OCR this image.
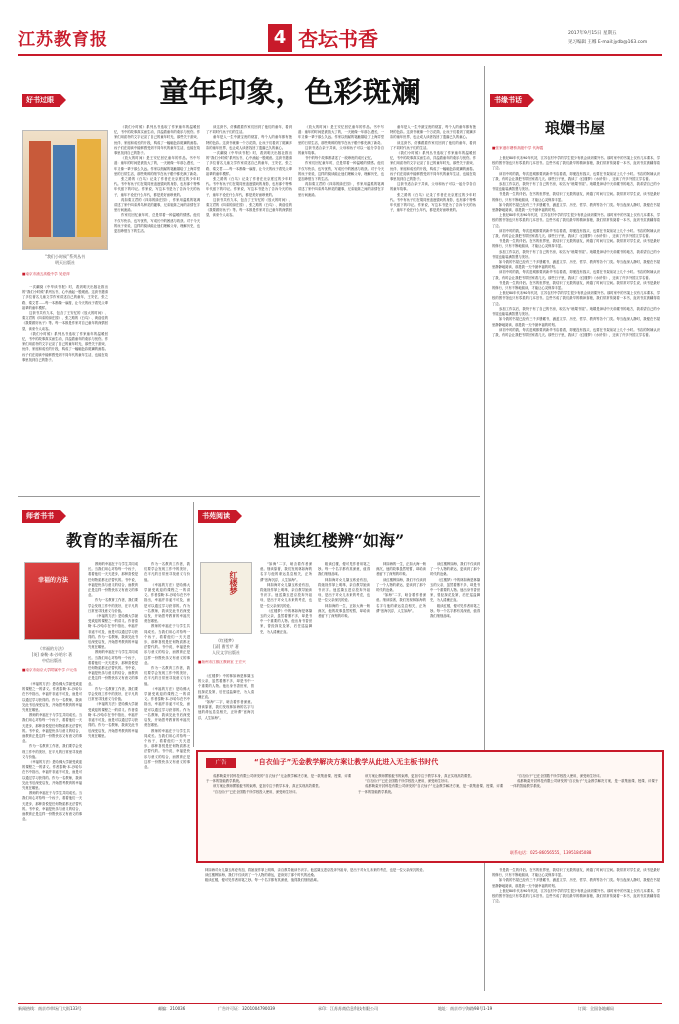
江苏教育报	4 杏坛书香	2017年9月15日 星期五
见习编辑 王娜 E-mail:jydb@163.com
好书过眼	童年印象，色彩斑斓
“我们小时候”系列丛书
明天出版社
■南京市浦五高级中学 吴爱萍

一次翻阅《中华读书报》时，看到明天出版社推出的“我们小时候”系列丛书，心中涌起一股暖意。这套书邀请了多位著名儿童文学作家讲述自己的童年，王安忆、张之路、秦文君……每一本都像一扇窗，让今天的孩子看见父辈祖辈的童年模样。

这套书共有九本，包含了王安忆的《放大的时间》、秦文君的《四弟的绿庄园》、张之路的《白鸟》、黄蓓佳的《我要做好孩子》等。每一本都是作家对自己童年的深情回望，读来令人动容。

《我们小时候》系列丛书选取了作家童年的温暖回忆，书中的故事真实而生动，洋溢着童年的欢乐与忧伤。作家们用质朴的文字记录了自己的童年时光，那些关于游戏、伙伴、家庭和成长的片段，构成了一幅幅色彩斑斓的画卷。孩子们在阅读中能够感受到不同年代的童年生活，也能在故事里找到自己的影子。

《我们小时候》系列丛书选取了作家童年的温暖回忆，书中的故事真实而生动，洋溢着童年的欢乐与忧伤。作家们用质朴的文字记录了自己的童年时光，那些关于游戏、伙伴、家庭和成长的片段，构成了一幅幅色彩斑斓的画卷。孩子们在阅读中能够感受到不同年代的童年生活，也能在故事里找到自己的影子。

《放大的时间》是王安忆回忆童年的作品。书中写道：童年的时间是被放大了的，一天就像一年那么漫长，一年又像一辈子那么久远。作家以细腻的笔触描绘了上海弄堂里的日常生活，那些琐碎的细节在孩子眼中都充满了新奇。

张之路的《白鸟》记录了作者在北京度过的少年时代。书中有孩子们在胡同里追逐嬉戏的身影，也有那个特殊年代留下的印记。作家说，写这本书是为了告诉今天的孩子，童年不论在什么年代，都是美好而珍贵的。

再如秦文君的《四弟的绿庄园》，作家用温柔的笔调讲述了家中四弟养鸟种花的趣事，兄弟姐妹之间的亲情在字里行间流淌。

作家们回忆童年时，总是带着一种温暖的情感。他们不仅写快乐，也写忧伤，写成长中的困惑与收获。对于今天的孩子来说，这样的阅读能让他们理解父母，理解历史，也更加珍惜当下的生活。

读这套书，仿佛跟着作家们回到了他们的童年，看到了不同时代孩子们的生活。

童年是人一生中最宝贵的财富，每个人的童年都有独特的色彩。这套书就像一个万花筒，让孩子们看到了斑斓多彩的童年世界，也让成人读者找回了遗落已久的童心。

一次翻阅《中华读书报》时，看到明天出版社推出的“我们小时候”系列丛书，心中涌起一股暖意。这套书邀请了多位著名儿童文学作家讲述自己的童年，王安忆、张之路、秦文君……每一本都像一扇窗，让今天的孩子看见父辈祖辈的童年模样。

张之路的《白鸟》记录了作者在北京度过的少年时代。书中有孩子们在胡同里追逐嬉戏的身影，也有那个特殊年代留下的印记。作家说，写这本书是为了告诉今天的孩子，童年不论在什么年代，都是美好而珍贵的。

这套书共有九本，包含了王安忆的《放大的时间》、秦文君的《四弟的绿庄园》、张之路的《白鸟》、黄蓓佳的《我要做好孩子》等。每一本都是作家对自己童年的深情回望，读来令人动容。

《放大的时间》是王安忆回忆童年的作品。书中写道：童年的时间是被放大了的，一天就像一年那么漫长，一年又像一辈子那么久远。作家以细腻的笔触描绘了上海弄堂里的日常生活，那些琐碎的细节在孩子眼中都充满了新奇。

这套书适合亲子共读，父母和孩子可以一起分享各自的童年故事。

书中的每个故事都讲述了一段珍贵的成长记忆。

作家们回忆童年时，总是带着一种温暖的情感。他们不仅写快乐，也写忧伤，写成长中的困惑与收获。对于今天的孩子来说，这样的阅读能让他们理解父母，理解历史，也更加珍惜当下的生活。

再如秦文君的《四弟的绿庄园》，作家用温柔的笔调讲述了家中四弟养鸟种花的趣事，兄弟姐妹之间的亲情在字里行间流淌。

童年是人一生中最宝贵的财富，每个人的童年都有独特的色彩。这套书就像一个万花筒，让孩子们看到了斑斓多彩的童年世界，也让成人读者找回了遗落已久的童心。

读这套书，仿佛跟着作家们回到了他们的童年，看到了不同时代孩子们的生活。

《我们小时候》系列丛书选取了作家童年的温暖回忆，书中的故事真实而生动，洋溢着童年的欢乐与忧伤。作家们用质朴的文字记录了自己的童年时光，那些关于游戏、伙伴、家庭和成长的片段，构成了一幅幅色彩斑斓的画卷。孩子们在阅读中能够感受到不同年代的童年生活，也能在故事里找到自己的影子。

这套书适合亲子共读，父母和孩子可以一起分享各自的童年故事。

张之路的《白鸟》记录了作者在北京度过的少年时代。书中有孩子们在胡同里追逐嬉戏的身影，也有那个特殊年代留下的印记。作家说，写这本书是为了告诉今天的孩子，童年不论在什么年代，都是美好而珍贵的。

书缘书话
琅嬛书屋
■张家港市塘桥高级中学 代海霞

上世纪80年代末90年代初，江苏农村中学的学生很少有机会读到课外书。那时家中的书架上仅有几本课本，学校的图书馆也只有零星的几本旧书。这些书成了我们最早的精神食粮，我们常常传阅着一本书，直到书页被翻得卷了边。

读初中时的我，每次进城都要到新华书店看看，即便没有钱买，也要在书架前站上几个小时。书店的阿姨认识了我，有时会让我把书带回家看几天。那些日子里，我读了《红楼梦》《水浒传》，还读了许多外国文学名著。

参加工作以后，我终于有了自己的书房，取名为“琅嬛书屋”。琅嬛是神话中天帝藏书的地方，我希望自己的小书屋也能装满智慧与美好。

书是我一生的伴侣。在书的世界里，我结识了无数的朋友，跨越了时间与空间。我常常对学生说，读书是最好的修行，只有不断地阅读，才能让心灵保持丰盈。

如今我的书屋已经有三千多册藏书，涵盖文学、历史、哲学、教育等各个门类。每当夜深人静时，我便在书屋里静静地阅读，那是我一天中最幸福的时刻。

上世纪80年代末90年代初，江苏农村中学的学生很少有机会读到课外书。那时家中的书架上仅有几本课本，学校的图书馆也只有零星的几本旧书。这些书成了我们最早的精神食粮，我们常常传阅着一本书，直到书页被翻得卷了边。

读初中时的我，每次进城都要到新华书店看看，即便没有钱买，也要在书架前站上几个小时。书店的阿姨认识了我，有时会让我把书带回家看几天。那些日子里，我读了《红楼梦》《水浒传》，还读了许多外国文学名著。

书是我一生的伴侣。在书的世界里，我结识了无数的朋友，跨越了时间与空间。我常常对学生说，读书是最好的修行，只有不断地阅读，才能让心灵保持丰盈。

参加工作以后，我终于有了自己的书房，取名为“琅嬛书屋”。琅嬛是神话中天帝藏书的地方，我希望自己的小书屋也能装满智慧与美好。

如今我的书屋已经有三千多册藏书，涵盖文学、历史、哲学、教育等各个门类。每当夜深人静时，我便在书屋里静静地阅读，那是我一天中最幸福的时刻。

读初中时的我，每次进城都要到新华书店看看，即便没有钱买，也要在书架前站上几个小时。书店的阿姨认识了我，有时会让我把书带回家看几天。那些日子里，我读了《红楼梦》《水浒传》，还读了许多外国文学名著。

书是我一生的伴侣。在书的世界里，我结识了无数的朋友，跨越了时间与空间。我常常对学生说，读书是最好的修行，只有不断地阅读，才能让心灵保持丰盈。

上世纪80年代末90年代初，江苏农村中学的学生很少有机会读到课外书。那时家中的书架上仅有几本课本，学校的图书馆也只有零星的几本旧书。这些书成了我们最早的精神食粮，我们常常传阅着一本书，直到书页被翻得卷了边。

参加工作以后，我终于有了自己的书房，取名为“琅嬛书屋”。琅嬛是神话中天帝藏书的地方，我希望自己的小书屋也能装满智慧与美好。

如今我的书屋已经有三千多册藏书，涵盖文学、历史、哲学、教育等各个门类。每当夜深人静时，我便在书屋里静静地阅读，那是我一天中最幸福的时刻。

读初中时的我，每次进城都要到新华书店看看，即便没有钱买，也要在书架前站上几个小时。书店的阿姨认识了我，有时会让我把书带回家看几天。那些日子里，我读了《红楼梦》《水浒传》，还读了许多外国文学名著。

师者书书
教育的幸福所在
幸福的方法
《幸福的方法》
[英] 泰勒·本-沙哈尔 著
中信出版社
■南京市南京大学附属中学 卢元伟

《幸福的方法》是哈佛大学最受欢迎的课程之一的讲义。作者泰勒·本-沙哈尔在书中指出，幸福并非遥不可及，而是可以通过学习获得的。作为一名教师，我读完此书后深受启发，开始思考教育的幸福究竟在哪里。

教师的幸福在于与学生共同成长。当我们用心对待每一个孩子，看着他们一天天进步，那种喜悦是任何物质都无法替代的。书中说，幸福是快乐与意义的结合，而教育正是这样一份既快乐又有意义的事业。

作为一名教育工作者，我们要学会发现工作中的美好，在平凡的日常里寻找意义与价值。

《幸福的方法》是哈佛大学最受欢迎的课程之一的讲义。作者泰勒·本-沙哈尔在书中指出，幸福并非遥不可及，而是可以通过学习获得的。作为一名教师，我读完此书后深受启发，开始思考教育的幸福究竟在哪里。

教师的幸福在于与学生共同成长。当我们用心对待每一个孩子，看着他们一天天进步，那种喜悦是任何物质都无法替代的。书中说，幸福是快乐与意义的结合，而教育正是这样一份既快乐又有意义的事业。

教师的幸福在于与学生共同成长。当我们用心对待每一个孩子，看着他们一天天进步，那种喜悦是任何物质都无法替代的。书中说，幸福是快乐与意义的结合，而教育正是这样一份既快乐又有意义的事业。

作为一名教育工作者，我们要学会发现工作中的美好，在平凡的日常里寻找意义与价值。

《幸福的方法》是哈佛大学最受欢迎的课程之一的讲义。作者泰勒·本-沙哈尔在书中指出，幸福并非遥不可及，而是可以通过学习获得的。作为一名教师，我读完此书后深受启发，开始思考教育的幸福究竟在哪里。

教师的幸福在于与学生共同成长。当我们用心对待每一个孩子，看着他们一天天进步，那种喜悦是任何物质都无法替代的。书中说，幸福是快乐与意义的结合，而教育正是这样一份既快乐又有意义的事业。

作为一名教育工作者，我们要学会发现工作中的美好，在平凡的日常里寻找意义与价值。

《幸福的方法》是哈佛大学最受欢迎的课程之一的讲义。作者泰勒·本-沙哈尔在书中指出，幸福并非遥不可及，而是可以通过学习获得的。作为一名教师，我读完此书后深受启发，开始思考教育的幸福究竟在哪里。

作为一名教育工作者，我们要学会发现工作中的美好，在平凡的日常里寻找意义与价值。

《幸福的方法》是哈佛大学最受欢迎的课程之一的讲义。作者泰勒·本-沙哈尔在书中指出，幸福并非遥不可及，而是可以通过学习获得的。作为一名教师，我读完此书后深受启发，开始思考教育的幸福究竟在哪里。

教师的幸福在于与学生共同成长。当我们用心对待每一个孩子，看着他们一天天进步，那种喜悦是任何物质都无法替代的。书中说，幸福是快乐与意义的结合，而教育正是这样一份既快乐又有意义的事业。

作为一名教育工作者，我们要学会发现工作中的美好，在平凡的日常里寻找意义与价值。

《幸福的方法》是哈佛大学最受欢迎的课程之一的讲义。作者泰勒·本-沙哈尔在书中指出，幸福并非遥不可及，而是可以通过学习获得的。作为一名教师，我读完此书后深受启发，开始思考教育的幸福究竟在哪里。

教师的幸福在于与学生共同成长。当我们用心对待每一个孩子，看着他们一天天进步，那种喜悦是任何物质都无法替代的。书中说，幸福是快乐与意义的结合，而教育正是这样一份既快乐又有意义的事业。

书苑阅读
粗读红楼辨“如海”
红楼梦
《红楼梦》
[清] 曹雪芹 著
人民文学出版社
■扬州市江都区教研室 王宏兴

《红楼梦》中的林如海是林黛玉的父亲，虽然着墨不多，却是书中一个重要的人物。他出身书香世家，曾经探花及第，后任巡盐御史，为人清廉正直。

“如海”二字，暗含着作者深意。细读原著，我们发现林如海的名字与他的命运息息相关，正所谓“宦海沉浮，人生如海”。

“如海”二字，暗含着作者深意。细读原著，我们发现林如海的名字与他的命运息息相关，正所谓“宦海沉浮，人生如海”。

林如海对女儿黛玉疼爱有加，将她视作掌上明珠，亲自教导她读书识字。他送黛玉进京投奔外祖母，是出于对女儿未来的考虑，也是一位父亲深沉的爱。

《红楼梦》中的林如海是林黛玉的父亲，虽然着墨不多，却是书中一个重要的人物。他出身书香世家，曾经探花及第，后任巡盐御史，为人清廉正直。

粗读红楼，便可见作者用笔之妙。每一个名字都有其深意，值得我们细细品味。

林如海对女儿黛玉疼爱有加，将她视作掌上明珠，亲自教导她读书识字。他送黛玉进京投奔外祖母，是出于对女儿未来的考虑，也是一位父亲深沉的爱。

林如海的一生，正如大海一般深沉，他的故事虽然短暂，却给读者留下了深刻的印象。

林如海的一生，正如大海一般深沉，他的故事虽然短暂，却给读者留下了深刻的印象。

读红楼辨如海，我们不仅读到了一个人物的命运，更读到了那个时代的沧桑。

“如海”二字，暗含着作者深意。细读原著，我们发现林如海的名字与他的命运息息相关，正所谓“宦海沉浮，人生如海”。

读红楼辨如海，我们不仅读到了一个人物的命运，更读到了那个时代的沧桑。

《红楼梦》中的林如海是林黛玉的父亲，虽然着墨不多，却是书中一个重要的人物。他出身书香世家，曾经探花及第，后任巡盐御史，为人清廉正直。

粗读红楼，便可见作者用笔之妙。每一个名字都有其深意，值得我们细细品味。

广告	“自衣仙子”无金教学解决方案让教学从此进入无主板书时代

成都勒索开封科技有限公司研发的“自衣仙子”无金教学解决方案，是一款集备课、授课、评课于一体的智能教学系统。

该方案让教师摆脱板书的束缚，更加专注于教学本身，真正实现高效课堂。

“自衣仙子”已在全国数千所学校投入使用，深受师生好评。

该方案让教师摆脱板书的束缚，更加专注于教学本身，真正实现高效课堂。

“自衣仙子”已在全国数千所学校投入使用，深受师生好评。

成都勒索开封科技有限公司研发的“自衣仙子”无金教学解决方案，是一款集备课、授课、评课于一体的智能教学系统。

“自衣仙子”已在全国数千所学校投入使用，深受师生好评。

成都勒索开封科技有限公司研发的“自衣仙子”无金教学解决方案，是一款集备课、授课、评课于一体的智能教学系统。

联系电话：025-86056555，13951845088

书是我一生的伴侣。在书的世界里，我结识了无数的朋友，跨越了时间与空间。我常常对学生说，读书是最好的修行，只有不断地阅读，才能让心灵保持丰盈。

如今我的书屋已经有三千多册藏书，涵盖文学、历史、哲学、教育等各个门类。每当夜深人静时，我便在书屋里静静地阅读，那是我一天中最幸福的时刻。

上世纪80年代末90年代初，江苏农村中学的学生很少有机会读到课外书。那时家中的书架上仅有几本课本，学校的图书馆也只有零星的几本旧书。这些书成了我们最早的精神食粮，我们常常传阅着一本书，直到书页被翻得卷了边。

林如海对女儿黛玉疼爱有加，将她视作掌上明珠，亲自教导她读书识字。他送黛玉进京投奔外祖母，是出于对女儿未来的考虑，也是一位父亲深沉的爱。

读红楼辨如海，我们不仅读到了一个人物的命运，更读到了那个时代的沧桑。

粗读红楼，便可见作者用笔之妙。每一个名字都有其深意，值得我们细细品味。

新闻热线：南京市草场门大街133号	邮编：210036	广告许可证：3201004790039	承印：江苏苏商信息科技有限公司	地址：南京市宁海路98号1-19	订阅：全国各地邮局
